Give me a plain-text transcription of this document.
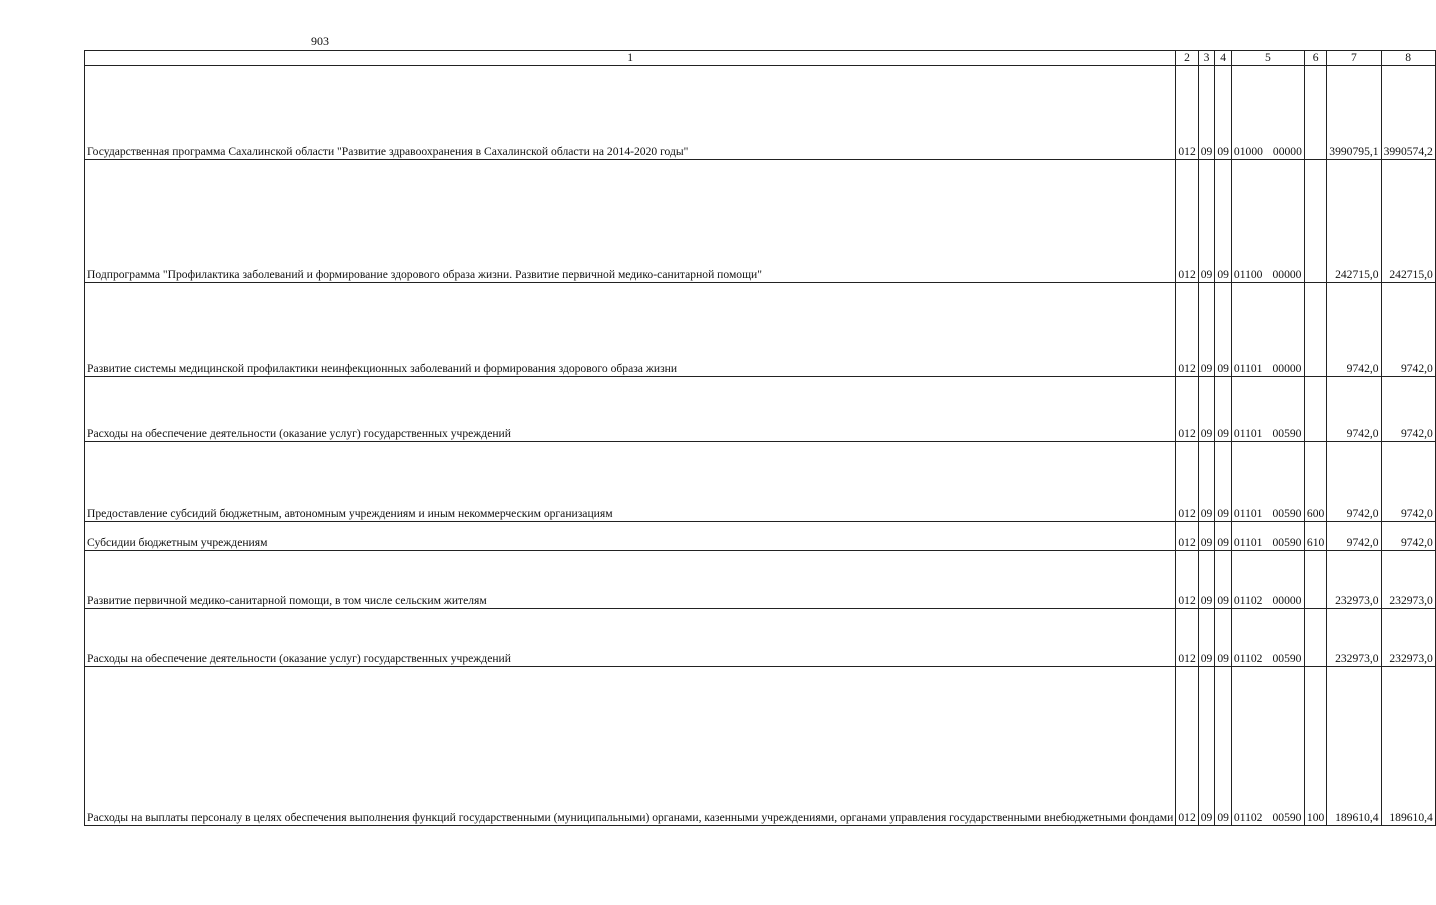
903
1	2	3	4	5	6	7	8
Государственная программа Сахалинской области "Развитие здравоохранения в Сахалинской области на 2014-2020 годы"	012	09	09	01000 00000		3990795,1	3990574,2
Подпрограмма "Профилактика заболеваний и формирование здорового образа жизни. Развитие первичной медико-санитарной помощи"	012	09	09	01100 00000		242715,0	242715,0
Развитие системы медицинской профилактики неинфекционных заболеваний и формирования здорового образа жизни	012	09	09	01101 00000		9742,0	9742,0
Расходы на обеспечение деятельности (оказание услуг) государственных учреждений	012	09	09	01101 00590		9742,0	9742,0
Предоставление субсидий бюджетным, автономным учреждениям и иным некоммерческим организациям	012	09	09	01101 00590	600	9742,0	9742,0
Субсидии бюджетным учреждениям	012	09	09	01101 00590	610	9742,0	9742,0
Развитие первичной медико-санитарной помощи, в том числе сельским жителям	012	09	09	01102 00000		232973,0	232973,0
Расходы на обеспечение деятельности (оказание услуг) государственных учреждений	012	09	09	01102 00590		232973,0	232973,0
Расходы на выплаты персоналу в целях обеспечения выполнения функций государственными (муниципальными) органами, казенными учреждениями, органами управления государственными внебюджетными фондами	012	09	09	01102 00590	100	189610,4	189610,4
